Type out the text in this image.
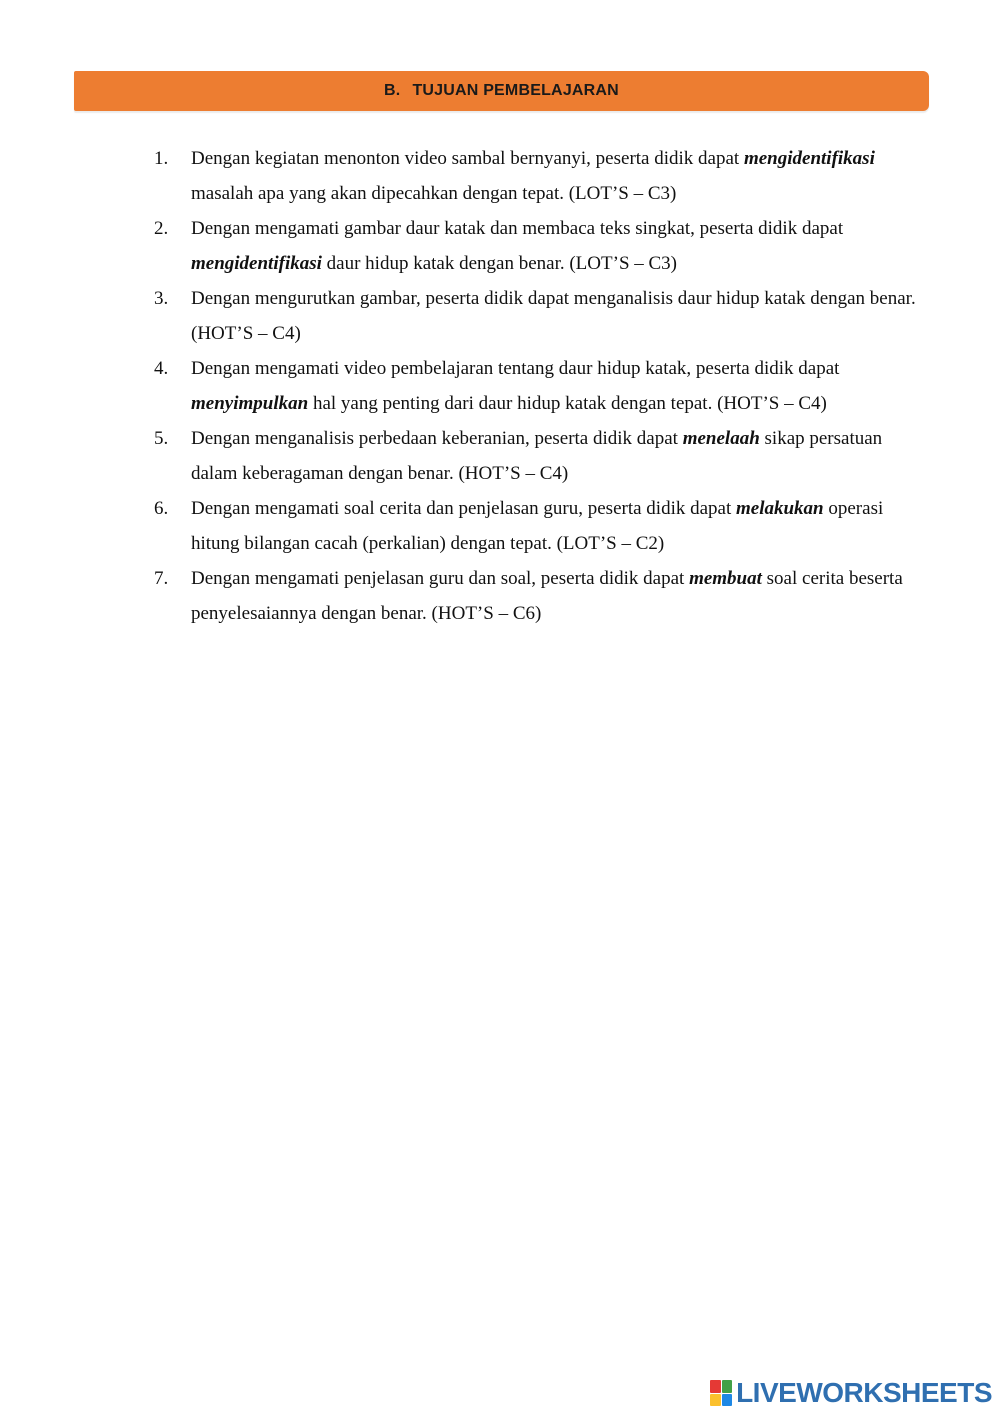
B. TUJUAN PEMBELAJARAN
1. Dengan kegiatan menonton video sambal bernyanyi, peserta didik dapat mengidentifikasi masalah apa yang akan dipecahkan dengan tepat. (LOT’S – C3)
2. Dengan mengamati gambar daur katak dan membaca teks singkat, peserta didik dapat mengidentifikasi daur hidup katak dengan benar. (LOT’S – C3)
3. Dengan mengurutkan gambar, peserta didik dapat menganalisis daur hidup katak dengan benar. (HOT’S – C4)
4. Dengan mengamati video pembelajaran tentang daur hidup katak, peserta didik dapat menyimpulkan hal yang penting dari daur hidup katak dengan tepat. (HOT’S – C4)
5. Dengan menganalisis perbedaan keberanian, peserta didik dapat menelaah sikap persatuan dalam keberagaman dengan benar. (HOT’S – C4)
6. Dengan mengamati soal cerita dan penjelasan guru, peserta didik dapat melakukan operasi hitung bilangan cacah (perkalian) dengan tepat. (LOT’S – C2)
7. Dengan mengamati penjelasan guru dan soal, peserta didik dapat membuat soal cerita beserta penyelesaiannya dengan benar. (HOT’S – C6)
LIVEWORKSHEETS
